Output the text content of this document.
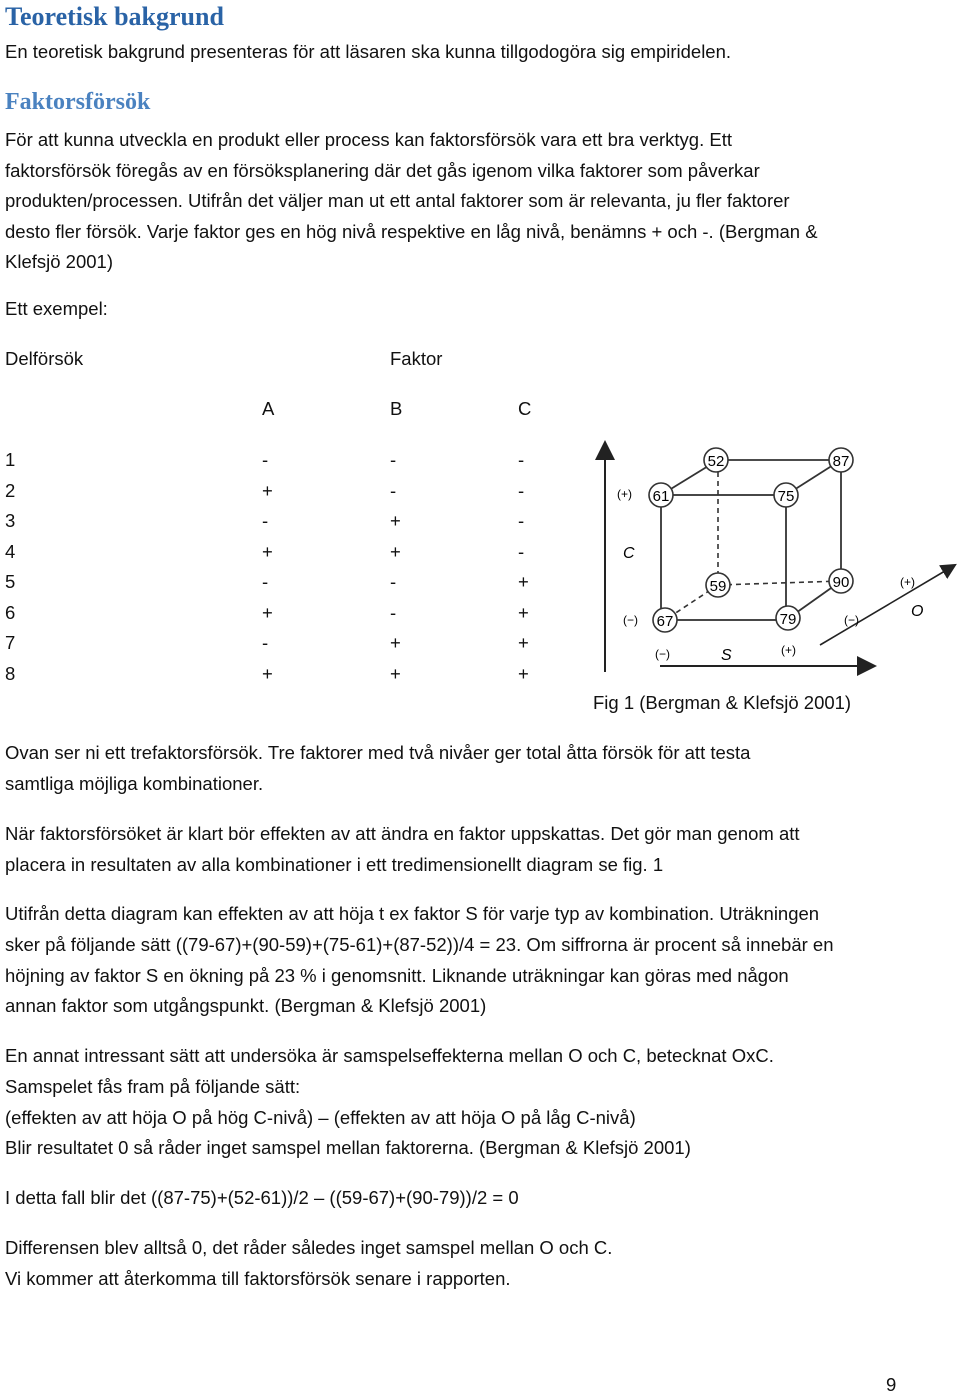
Teoretisk bakgrund
En teoretisk bakgrund presenteras för att läsaren ska kunna tillgodogöra sig empiridelen.
Faktorsförsök
För att kunna utveckla en produkt eller process kan faktorsförsök vara ett bra verktyg. Ett
faktorsförsök föregås av en försöksplanering där det gås igenom vilka faktorer som påverkar
produkten/processen. Utifrån det väljer man ut ett antal faktorer som är relevanta, ju fler faktorer
desto fler försök. Varje faktor ges en hög nivå respektive en låg nivå, benämns + och -. (Bergman &
Klefsjö 2001)
Ett exempel:
Delförsök	Faktor
A	B	C
1	-	-	-
2	+	-	-
3	-	+	-
4	+	+	-
5	-	-	+
6	+	-	+
7	-	+	+
8	+	+	+
52	87
61	75
59	90
67	79
(+)
C
(−)
(−)	S	(+)
(+)
O
(−)
Fig 1 (Bergman & Klefsjö 2001)
Ovan ser ni ett trefaktorsförsök. Tre faktorer med två nivåer ger total åtta försök för att testa
samtliga möjliga kombinationer.
När faktorsförsöket är klart bör effekten av att ändra en faktor uppskattas. Det gör man genom att
placera in resultaten av alla kombinationer i ett tredimensionellt diagram se fig. 1
Utifrån detta diagram kan effekten av att höja t ex faktor S för varje typ av kombination. Uträkningen
sker på följande sätt ((79-67)+(90-59)+(75-61)+(87-52))/4 = 23. Om siffrorna är procent så innebär en
höjning av faktor S en ökning på 23 % i genomsnitt. Liknande uträkningar kan göras med någon
annan faktor som utgångspunkt. (Bergman & Klefsjö 2001)
En annat intressant sätt att undersöka är samspelseffekterna mellan O och C, betecknat OxC.
Samspelet fås fram på följande sätt:
(effekten av att höja O på hög C-nivå) – (effekten av att höja O på låg C-nivå)
Blir resultatet 0 så råder inget samspel mellan faktorerna. (Bergman & Klefsjö 2001)
I detta fall blir det ((87-75)+(52-61))/2 – ((59-67)+(90-79))/2 = 0
Differensen blev alltså 0, det råder således inget samspel mellan O och C.
Vi kommer att återkomma till faktorsförsök senare i rapporten.
9
